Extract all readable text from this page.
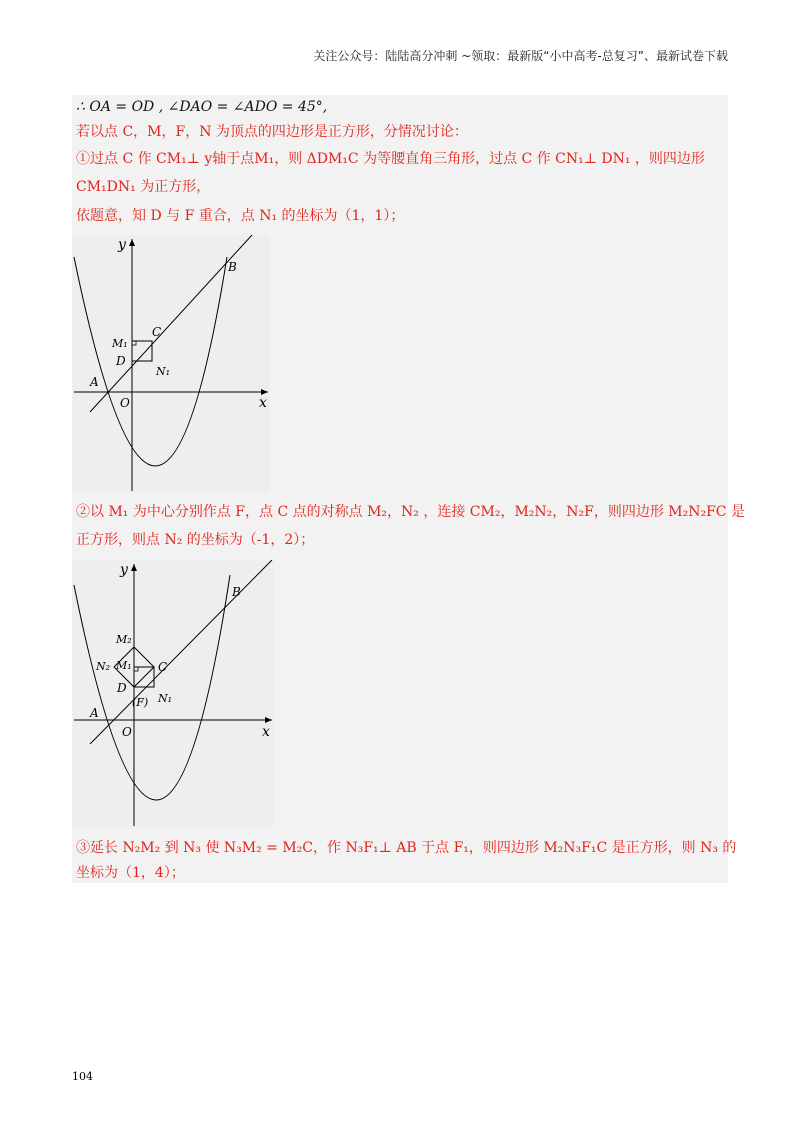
关注公众号：陆陆高分冲刺 ~领取：最新版“小中高考-总复习”、最新试卷下载
∴ OA = OD , ∠DAO = ∠ADO = 45°,
若以点 C，M，F，N 为顶点的四边形是正方形，分情况讨论：
①过点 C 作 CM₁⊥ y轴于点M₁，则 ΔDM₁C 为等腰直角三角形，过点 C 作 CN₁⊥ DN₁ ，则四边形
CM₁DN₁ 为正方形，
依题意，知 D 与 F 重合，点 N₁ 的坐标为（1，1）；
y
x
O
A
B
C
D
M₁
N₁
②以 M₁ 为中心分别作点 F，点 C 点的对称点 M₂，N₂ ，连接 CM₂，M₂N₂，N₂F，则四边形 M₂N₂FC 是
正方形，则点 N₂ 的坐标为（-1，2）；
y
x
O
A
B
C
D
(F)
M₁
M₂
N₁
N₂
③延长 N₂M₂ 到 N₃ 使 N₃M₂ = M₂C，作 N₃F₁⊥ AB 于点 F₁，则四边形 M₂N₃F₁C 是正方形，则 N₃ 的
坐标为（1，4）；
104
